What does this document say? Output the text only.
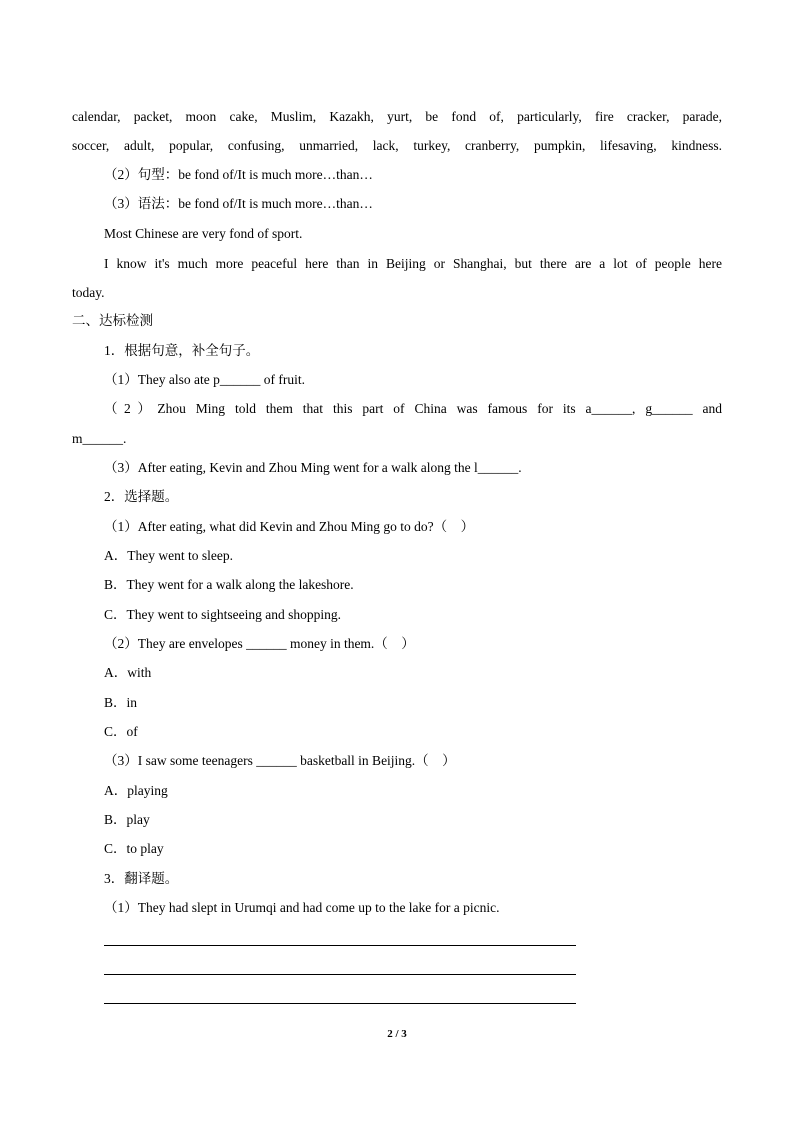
calendar, packet, moon cake, Muslim, Kazakh, yurt, be fond of, particularly, fire cracker, parade,
soccer, adult, popular, confusing, unmarried, lack, turkey, cranberry, pumpkin, lifesaving, kindness.
（2）句型：be fond of/It is much more…than…
（3）语法：be fond of/It is much more…than…
Most Chinese are very fond of sport.
I know it's much more peaceful here than in Beijing or Shanghai, but there are a lot of people here
today.
二、达标检测
1．根据句意，补全句子。
（1）They also ate p______ of fruit.
（2）Zhou Ming told them that this part of China was famous for its a______, g______ and
m______.
（3）After eating, Kevin and Zhou Ming went for a walk along the l______.
2．选择题。
（1）After eating, what did Kevin and Zhou Ming go to do?（　）
A．They went to sleep.
B．They went for a walk along the lakeshore.
C．They went to sightseeing and shopping.
（2）They are envelopes ______ money in them.（　）
A．with
B．in
C．of
（3）I saw some teenagers ______ basketball in Beijing.（　）
A．playing
B．play
C．to play
3．翻译题。
（1）They had slept in Urumqi and had come up to the lake for a picnic.
2 / 3
